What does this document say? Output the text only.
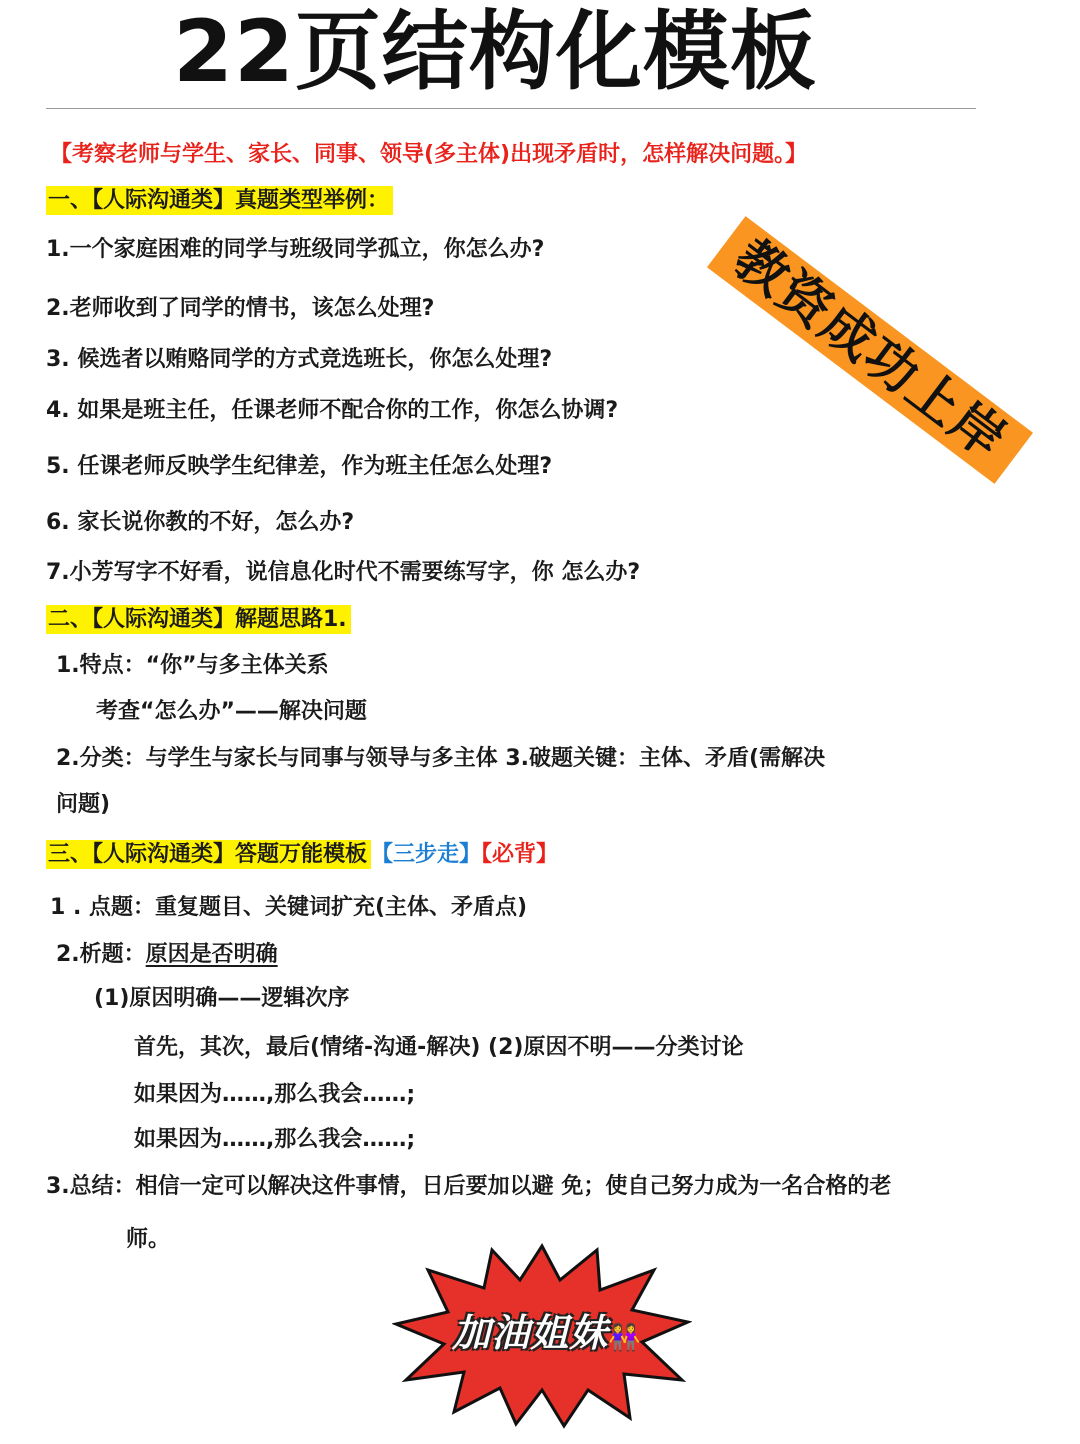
22页结构化模板
【考察老师与学生、家长、同事、领导(多主体)出现矛盾时，怎样解决问题。】
一、【人际沟通类】真题类型举例：
1.一个家庭困难的同学与班级同学孤立，你怎么办?
2.老师收到了同学的情书，该怎么处理?
3. 候选者以贿赂同学的方式竞选班长，你怎么处理?
4. 如果是班主任，任课老师不配合你的工作，你怎么协调?
5. 任课老师反映学生纪律差，作为班主任怎么处理?
6. 家长说你教的不好，怎么办?
7.小芳写字不好看，说信息化时代不需要练写字，你 怎么办?
二、【人际沟通类】解题思路1.
1.特点：“你”与多主体关系
考查“怎么办”——解决问题
2.分类：与学生与家长与同事与领导与多主体 3.破题关键：主体、矛盾(需解决
问题)
三、【人际沟通类】答题万能模板 【三步走】【必背】
1 . 点题：重复题目、关键词扩充(主体、矛盾点)
2.析题：原因是否明确
(1)原因明确——逻辑次序
首先，其次，最后(情绪-沟通-解决) (2)原因不明——分类讨论
如果因为……,那么我会……;
如果因为……,那么我会……;
3.总结：相信一定可以解决这件事情，日后要加以避 免；使自己努力成为一名合格的老
师。
教资成功上岸
加油姐妹👭
